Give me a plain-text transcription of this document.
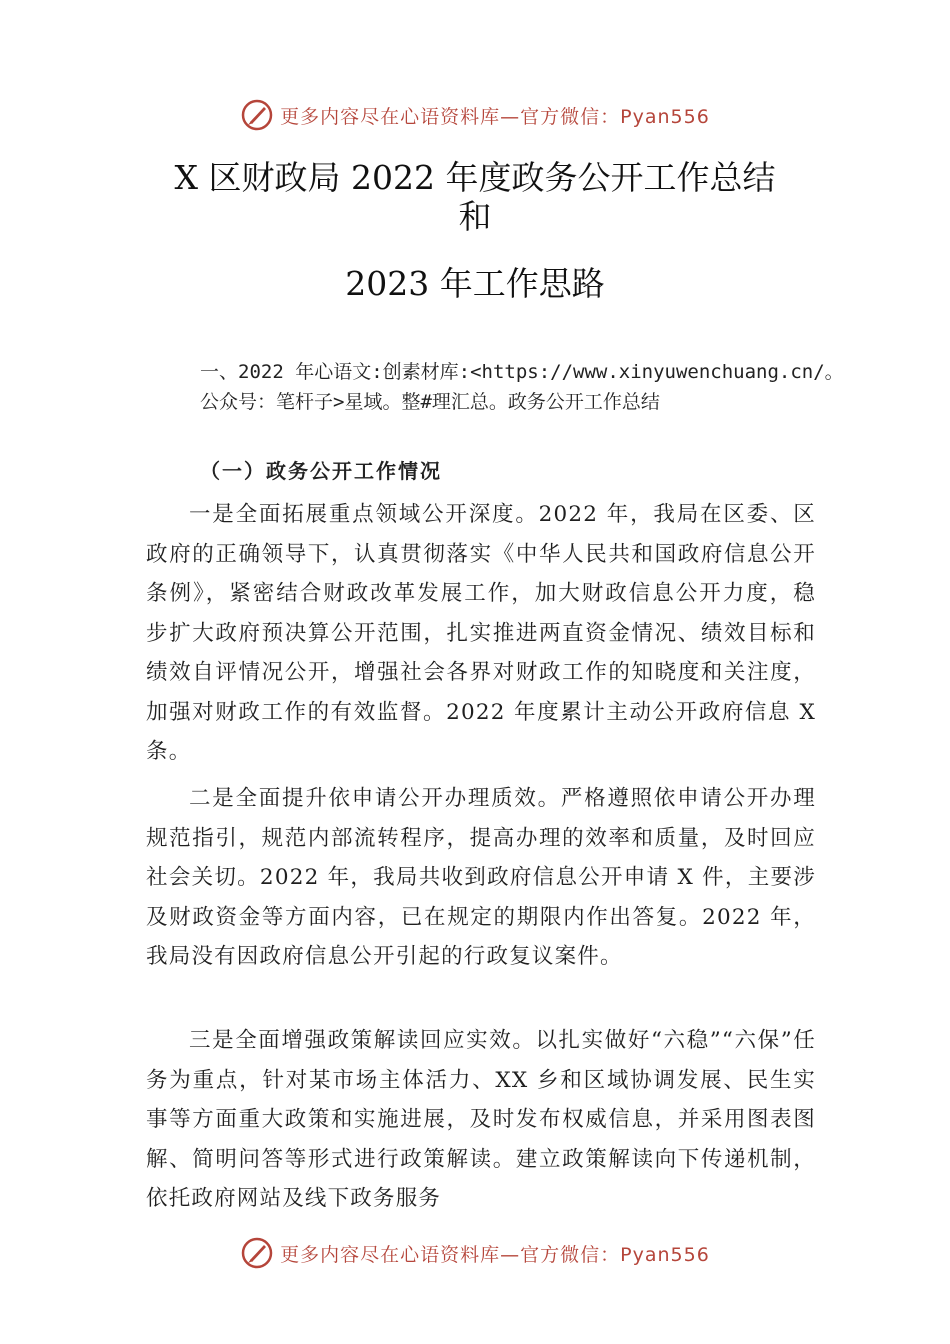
更多内容尽在心语资料库—官方微信：Pyan556
X 区财政局 2022 年度政务公开工作总结
和
2023 年工作思路
一、2022 年心语文:创素材库:<https://www.xinyuwenchuang.cn/。公众号：笔杆子>星域。整#理汇总。政务公开工作总结
（一）政务公开工作情况

一是全面拓展重点领域公开深度。2022 年，我局在区委、区政府的正确领导下，认真贯彻落实《中华人民共和国政府信息公开条例》，紧密结合财政改革发展工作，加大财政信息公开力度，稳步扩大政府预决算公开范围，扎实推进两直资金情况、绩效目标和绩效自评情况公开，增强社会各界对财政工作的知晓度和关注度，加强对财政工作的有效监督。2022 年度累计主动公开政府信息 X 条。

二是全面提升依申请公开办理质效。严格遵照依申请公开办理规范指引，规范内部流转程序，提高办理的效率和质量，及时回应社会关切。2022 年，我局共收到政府信息公开申请 X 件，主要涉及财政资金等方面内容，已在规定的期限内作出答复。2022 年，我局没有因政府信息公开引起的行政复议案件。

三是全面增强政策解读回应实效。以扎实做好“六稳”“六保”任务为重点，针对某市场主体活力、XX 乡和区域协调发展、民生实事等方面重大政策和实施进展，及时发布权威信息，并采用图表图解、简明问答等形式进行政策解读。建立政策解读向下传递机制，依托政府网站及线下政务服务

更多内容尽在心语资料库—官方微信：Pyan556
